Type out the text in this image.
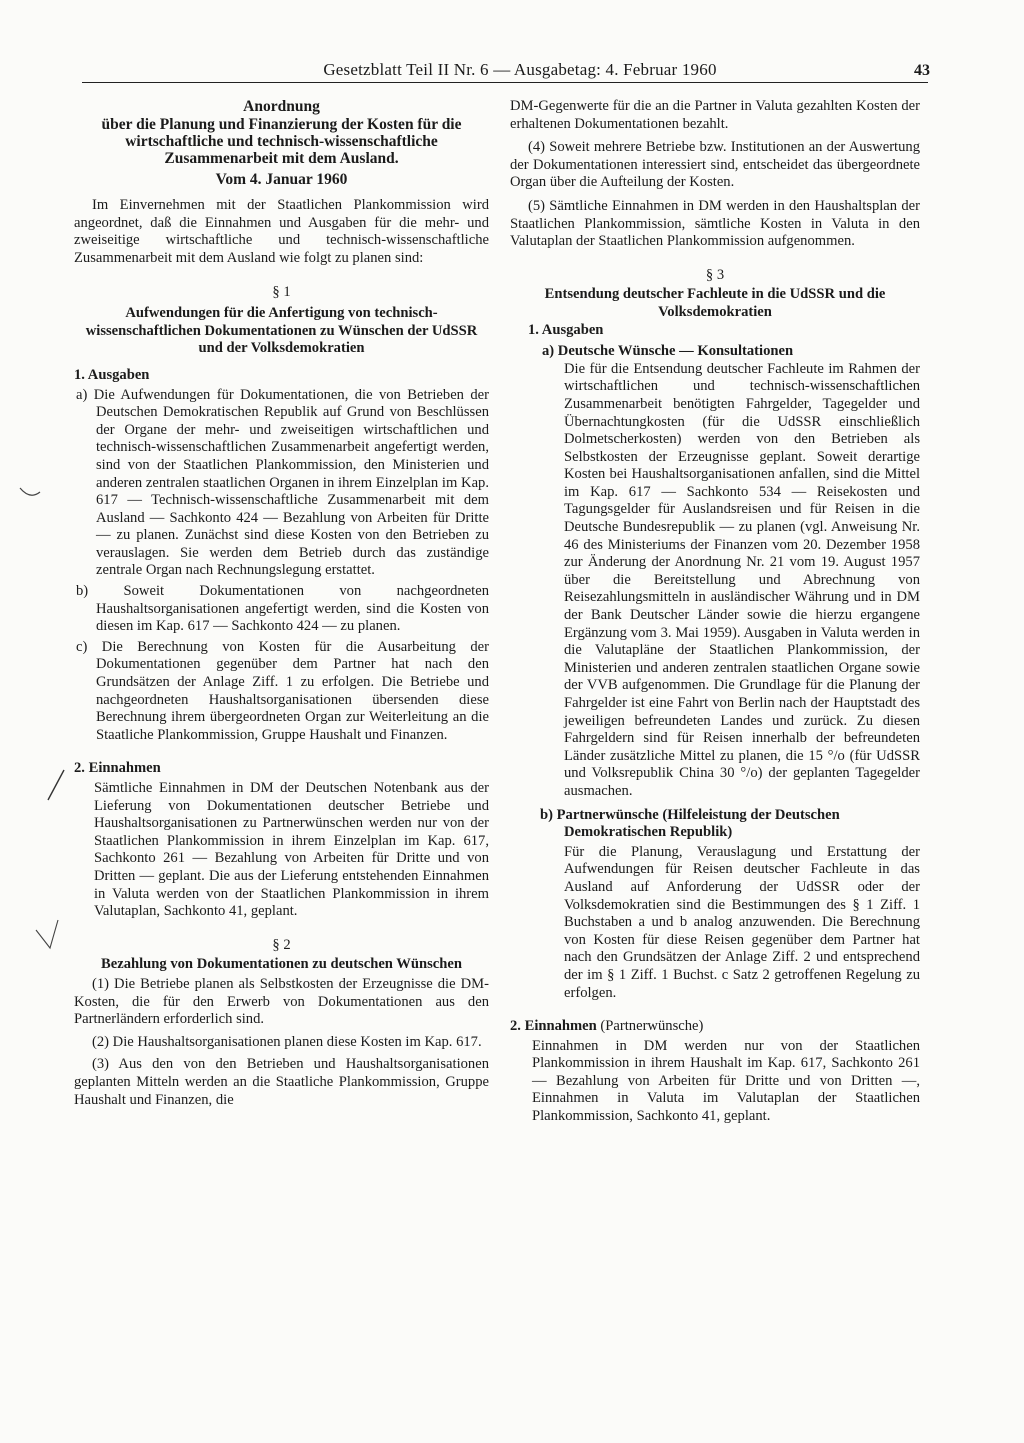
Gesetzblatt Teil II Nr. 6 — Ausgabetag: 4. Februar 1960	43

Anordnung

über die Planung und Finanzierung der Kosten für die wirtschaftliche und technisch-wissenschaftliche Zusammenarbeit mit dem Ausland.

Vom 4. Januar 1960

Im Einvernehmen mit der Staatlichen Plankommission wird angeordnet, daß die Einnahmen und Ausgaben für die mehr- und zweiseitige wirtschaftliche und technisch-wissenschaftliche Zusammenarbeit mit dem Ausland wie folgt zu planen sind:

§ 1

Aufwendungen für die Anfertigung von technisch-wissenschaftlichen Dokumentationen zu Wünschen der UdSSR und der Volksdemokratien

1. Ausgaben

a) Die Aufwendungen für Dokumentationen, die von Betrieben der Deutschen Demokratischen Republik auf Grund von Beschlüssen der Organe der mehr- und zweiseitigen wirtschaftlichen und technisch-wissenschaftlichen Zusammenarbeit angefertigt werden, sind von der Staatlichen Plankommission, den Ministerien und anderen zentralen staatlichen Organen in ihrem Einzelplan im Kap. 617 — Technisch-wissenschaftliche Zusammenarbeit mit dem Ausland — Sachkonto 424 — Bezahlung von Arbeiten für Dritte — zu planen. Zunächst sind diese Kosten von den Betrieben zu verauslagen. Sie werden dem Betrieb durch das zuständige zentrale Organ nach Rechnungslegung erstattet.

b) Soweit Dokumentationen von nachgeordneten Haushaltsorganisationen angefertigt werden, sind die Kosten von diesen im Kap. 617 — Sachkonto 424 — zu planen.

c) Die Berechnung von Kosten für die Ausarbeitung der Dokumentationen gegenüber dem Partner hat nach den Grundsätzen der Anlage Ziff. 1 zu erfolgen. Die Betriebe und nachgeordneten Haushaltsorganisationen übersenden diese Berechnung ihrem übergeordneten Organ zur Weiterleitung an die Staatliche Plankommission, Gruppe Haushalt und Finanzen.

2. Einnahmen

Sämtliche Einnahmen in DM der Deutschen Notenbank aus der Lieferung von Dokumentationen deutscher Betriebe und Haushaltsorganisationen zu Partnerwünschen werden nur von der Staatlichen Plankommission in ihrem Einzelplan im Kap. 617, Sachkonto 261 — Bezahlung von Arbeiten für Dritte und von Dritten — geplant. Die aus der Lieferung entstehenden Einnahmen in Valuta werden von der Staatlichen Plankommission in ihrem Valutaplan, Sachkonto 41, geplant.

§ 2

Bezahlung von Dokumentationen zu deutschen Wünschen

(1) Die Betriebe planen als Selbstkosten der Erzeugnisse die DM-Kosten, die für den Erwerb von Dokumentationen aus den Partnerländern erforderlich sind.

(2) Die Haushaltsorganisationen planen diese Kosten im Kap. 617.

(3) Aus den von den Betrieben und Haushaltsorganisationen geplanten Mitteln werden an die Staatliche Plankommission, Gruppe Haushalt und Finanzen, die

DM-Gegenwerte für die an die Partner in Valuta gezahlten Kosten der erhaltenen Dokumentationen bezahlt.

(4) Soweit mehrere Betriebe bzw. Institutionen an der Auswertung der Dokumentationen interessiert sind, entscheidet das übergeordnete Organ über die Aufteilung der Kosten.

(5) Sämtliche Einnahmen in DM werden in den Haushaltsplan der Staatlichen Plankommission, sämtliche Kosten in Valuta in den Valutaplan der Staatlichen Plankommission aufgenommen.

§ 3

Entsendung deutscher Fachleute in die UdSSR und die Volksdemokratien

1. Ausgaben

a) Deutsche Wünsche — Konsultationen

Die für die Entsendung deutscher Fachleute im Rahmen der wirtschaftlichen und technisch-wissenschaftlichen Zusammenarbeit benötigten Fahrgelder, Tagegelder und Übernachtungkosten (für die UdSSR einschließlich Dolmetscherkosten) werden von den Betrieben als Selbstkosten der Erzeugnisse geplant. Soweit derartige Kosten bei Haushaltsorganisationen anfallen, sind die Mittel im Kap. 617 — Sachkonto 534 — Reisekosten und Tagungsgelder für Auslandsreisen und für Reisen in die Deutsche Bundesrepublik — zu planen (vgl. Anweisung Nr. 46 des Ministeriums der Finanzen vom 20. Dezember 1958 zur Änderung der Anordnung Nr. 21 vom 19. August 1957 über die Bereitstellung und Abrechnung von Reisezahlungsmitteln in ausländischer Währung und in DM der Bank Deutscher Länder sowie die hierzu ergangene Ergänzung vom 3. Mai 1959). Ausgaben in Valuta werden in die Valutapläne der Staatlichen Plankommission, der Ministerien und anderen zentralen staatlichen Organe sowie der VVB aufgenommen. Die Grundlage für die Planung der Fahrgelder ist eine Fahrt von Berlin nach der Hauptstadt des jeweiligen befreundeten Landes und zurück. Zu diesen Fahrgeldern sind für Reisen innerhalb der befreundeten Länder zusätzliche Mittel zu planen, die 15 °/o (für UdSSR und Volksrepublik China 30 °/o) der geplanten Tagegelder ausmachen.

b) Partnerwünsche (Hilfeleistung der Deutschen Demokratischen Republik)

Für die Planung, Verauslagung und Erstattung der Aufwendungen für Reisen deutscher Fachleute in das Ausland auf Anforderung der UdSSR oder der Volksdemokratien sind die Bestimmungen des § 1 Ziff. 1 Buchstaben a und b analog anzuwenden. Die Berechnung von Kosten für diese Reisen gegenüber dem Partner hat nach den Grundsätzen der Anlage Ziff. 2 und entsprechend der im § 1 Ziff. 1 Buchst. c Satz 2 getroffenen Regelung zu erfolgen.

2. Einnahmen (Partnerwünsche)

Einnahmen in DM werden nur von der Staatlichen Plankommission in ihrem Haushalt im Kap. 617, Sachkonto 261 — Bezahlung von Arbeiten für Dritte und von Dritten —, Einnahmen in Valuta im Valutaplan der Staatlichen Plankommission, Sachkonto 41, geplant.
